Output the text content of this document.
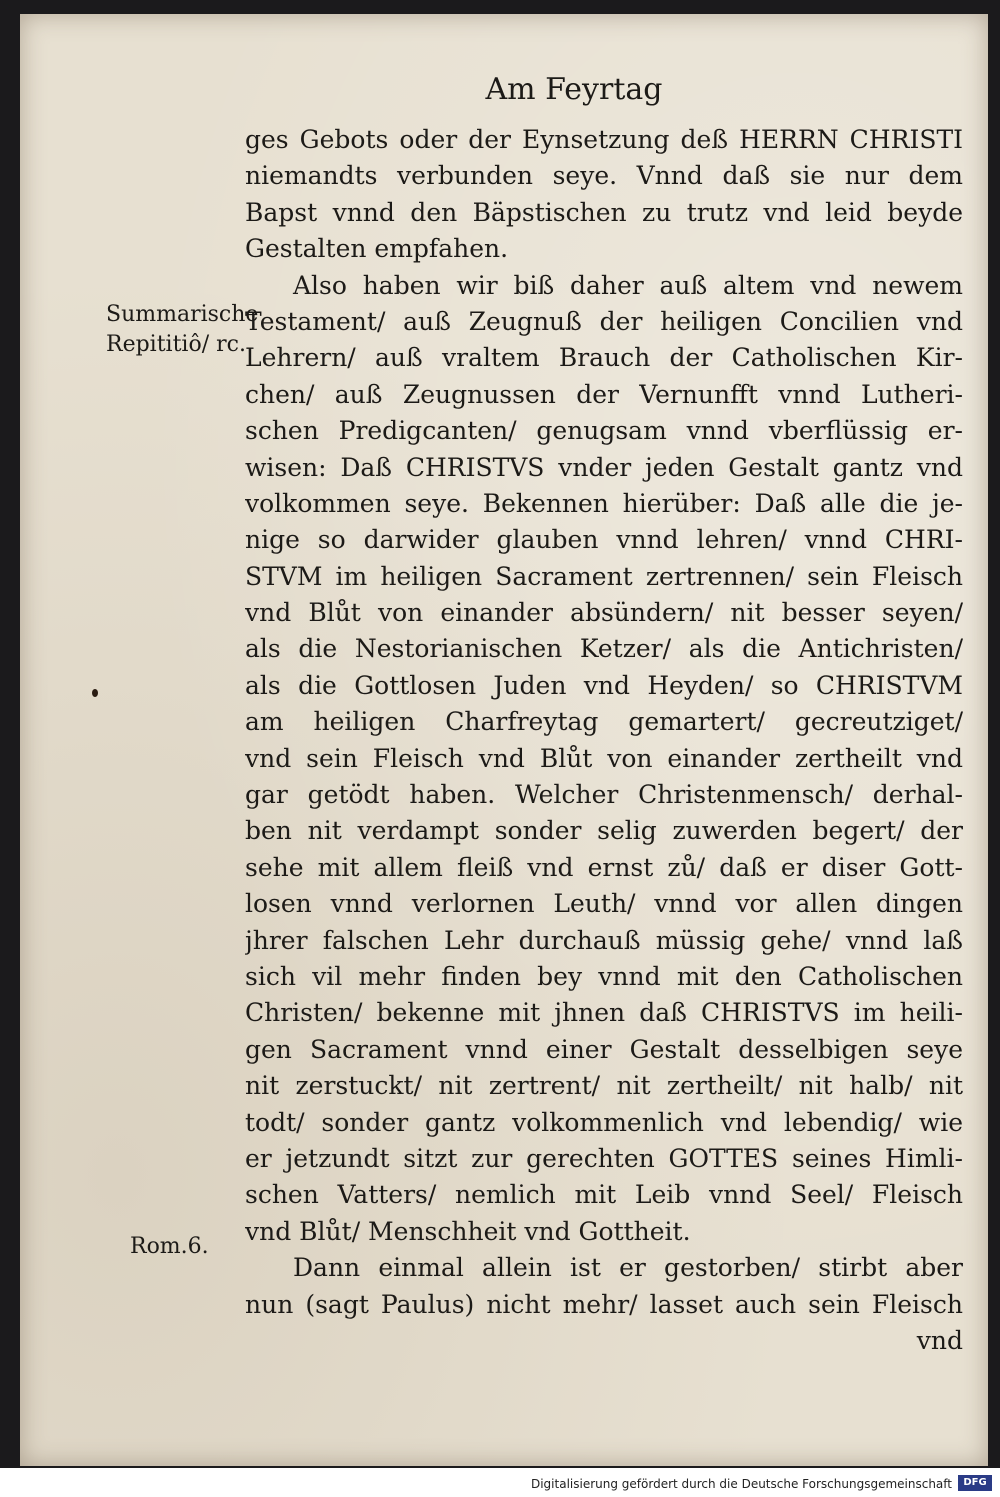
Am Feyrtag
Summarische
Repititiô/ rc.
Rom.6.
ges Gebots oder der Eynsetzung deß HERRN CHRISTI
niemandts verbunden seye. Vnnd daß sie nur dem
Bapst vnnd den Bäpstischen zu trutz vnd leid beyde
Gestalten empfahen.
Also haben wir biß daher auß altem vnd newem
Testament/ auß Zeugnuß der heiligen Concilien vnd
Lehrern/ auß vraltem Brauch der Catholischen Kir-
chen/ auß Zeugnussen der Vernunfft vnnd Lutheri-
schen Predigcanten/ genugsam vnnd vberflüssig er-
wisen: Daß CHRISTVS vnder jeden Gestalt gantz vnd
volkommen seye. Bekennen hierüber: Daß alle die je-
nige so darwider glauben vnnd lehren/ vnnd CHRI-
STVM im heiligen Sacrament zertrennen/ sein Fleisch
vnd Blůt von einander absündern/ nit besser seyen/
als die Nestorianischen Ketzer/ als die Antichristen/
als die Gottlosen Juden vnd Heyden/ so CHRISTVM
am heiligen Charfreytag gemartert/ gecreutziget/
vnd sein Fleisch vnd Blůt von einander zertheilt vnd
gar getödt haben. Welcher Christenmensch/ derhal-
ben nit verdampt sonder selig zuwerden begert/ der
sehe mit allem fleiß vnd ernst zů/ daß er diser Gott-
losen vnnd verlornen Leuth/ vnnd vor allen dingen
jhrer falschen Lehr durchauß müssig gehe/ vnnd laß
sich vil mehr finden bey vnnd mit den Catholischen
Christen/ bekenne mit jhnen daß CHRISTVS im heili-
gen Sacrament vnnd einer Gestalt desselbigen seye
nit zerstuckt/ nit zertrent/ nit zertheilt/ nit halb/ nit
todt/ sonder gantz volkommenlich vnd lebendig/ wie
er jetzundt sitzt zur gerechten GOTTES seines Himli-
schen Vatters/ nemlich mit Leib vnnd Seel/ Fleisch
vnd Blůt/ Menschheit vnd Gottheit.
Dann einmal allein ist er gestorben/ stirbt aber
nun (sagt Paulus) nicht mehr/ lasset auch sein Fleisch
vnd
Digitalisierung gefördert durch die Deutsche Forschungsgemeinschaft	DFG
